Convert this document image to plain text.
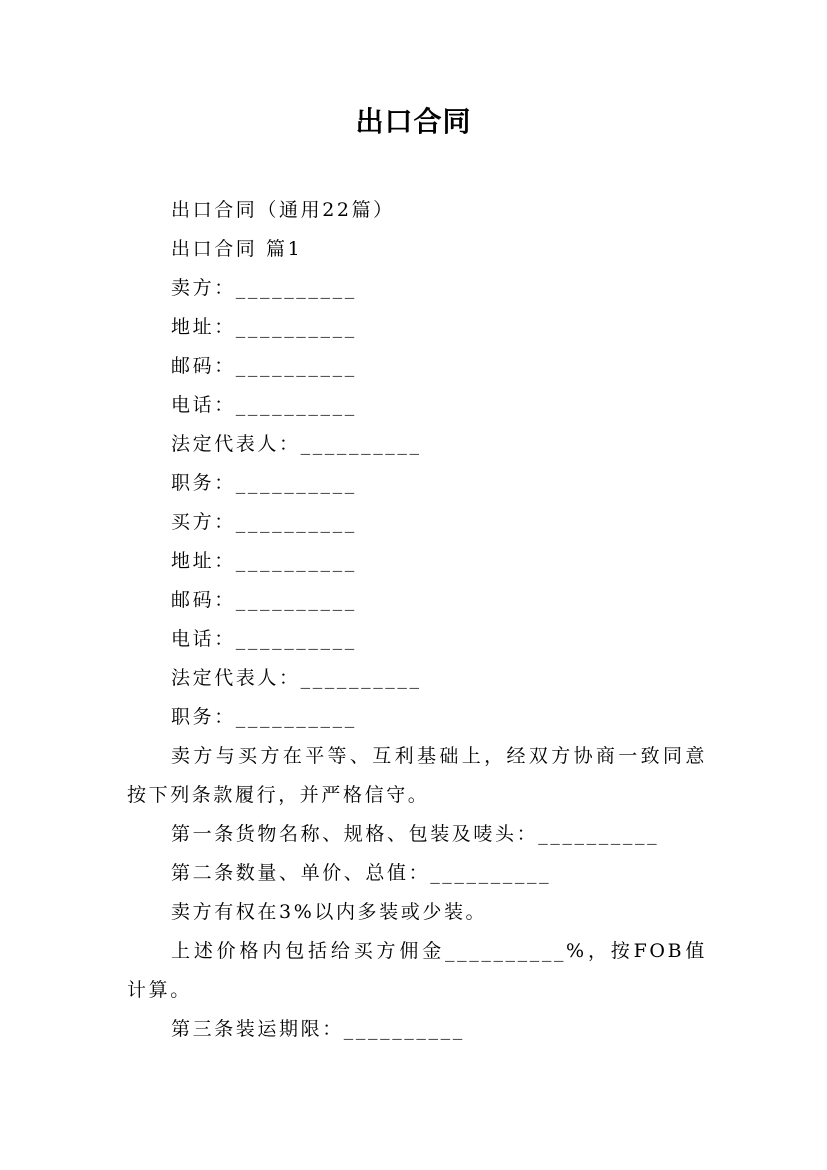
出口合同

出口合同（通用22篇）

出口合同 篇1

卖方：__________

地址：__________

邮码：__________

电话：__________

法定代表人：__________

职务：__________

买方：__________

地址：__________

邮码：__________

电话：__________

法定代表人：__________

职务：__________

卖方与买方在平等、互利基础上，经双方协商一致同意按下列条款履行，并严格信守。

第一条货物名称、规格、包装及唛头：__________

第二条数量、单价、总值：__________

卖方有权在3%以内多装或少装。

上述价格内包括给买方佣金__________%，按FOB值计算。

第三条装运期限：__________
